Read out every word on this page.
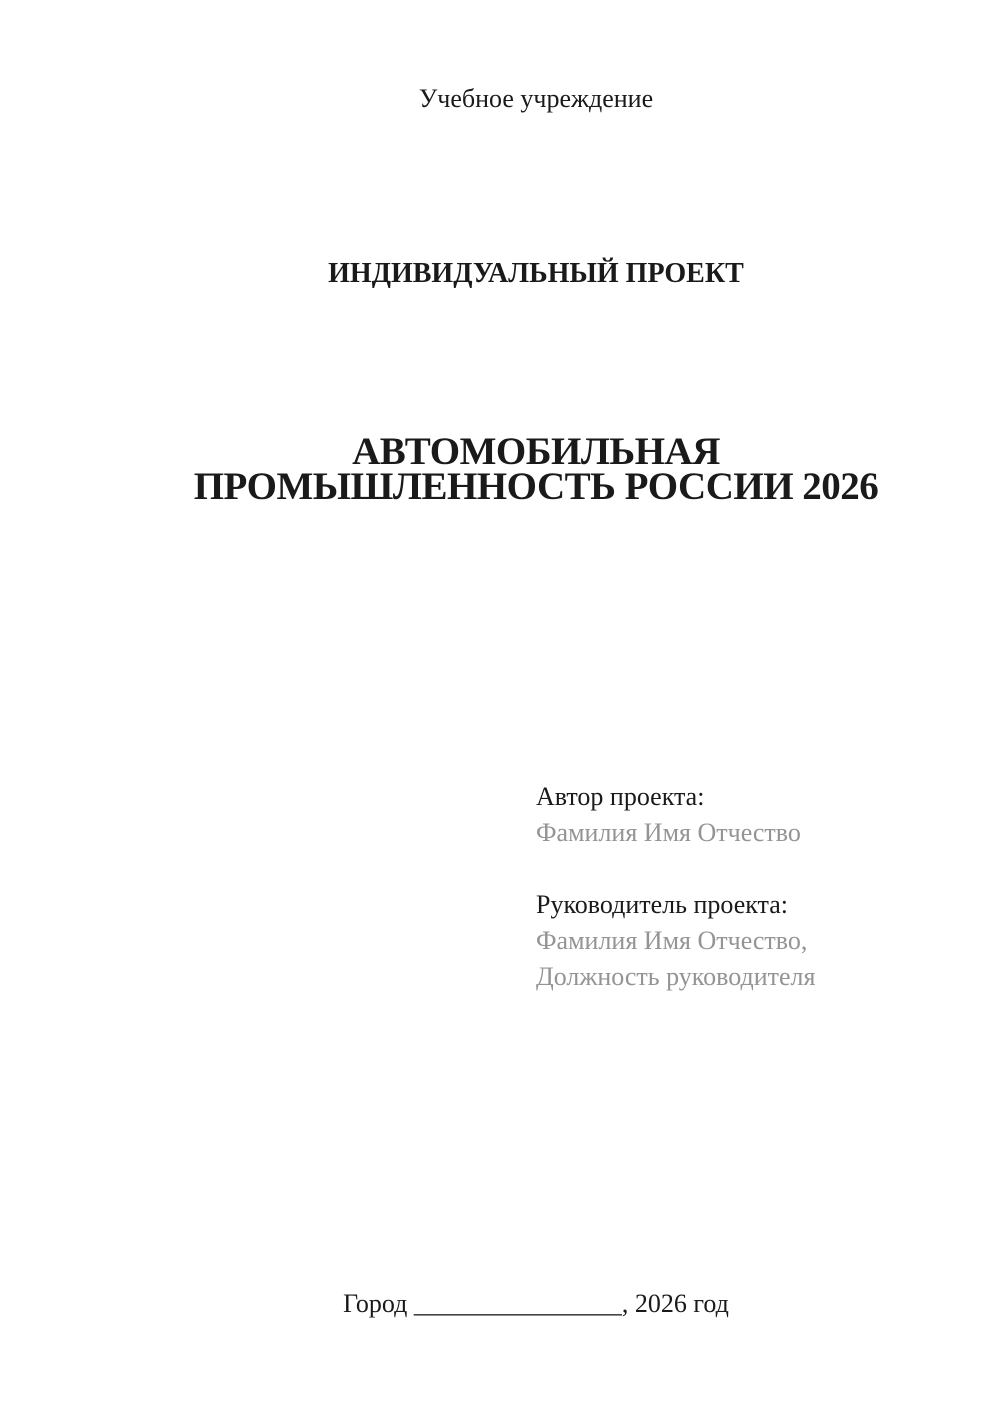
Учебное учреждение
ИНДИВИДУАЛЬНЫЙ ПРОЕКТ
АВТОМОБИЛЬНАЯ
ПРОМЫШЛЕННОСТЬ РОССИИ 2026
Автор проекта:
Фамилия Имя Отчество
Руководитель проекта:
Фамилия Имя Отчество,
Должность руководителя
Город ________________, 2026 год
